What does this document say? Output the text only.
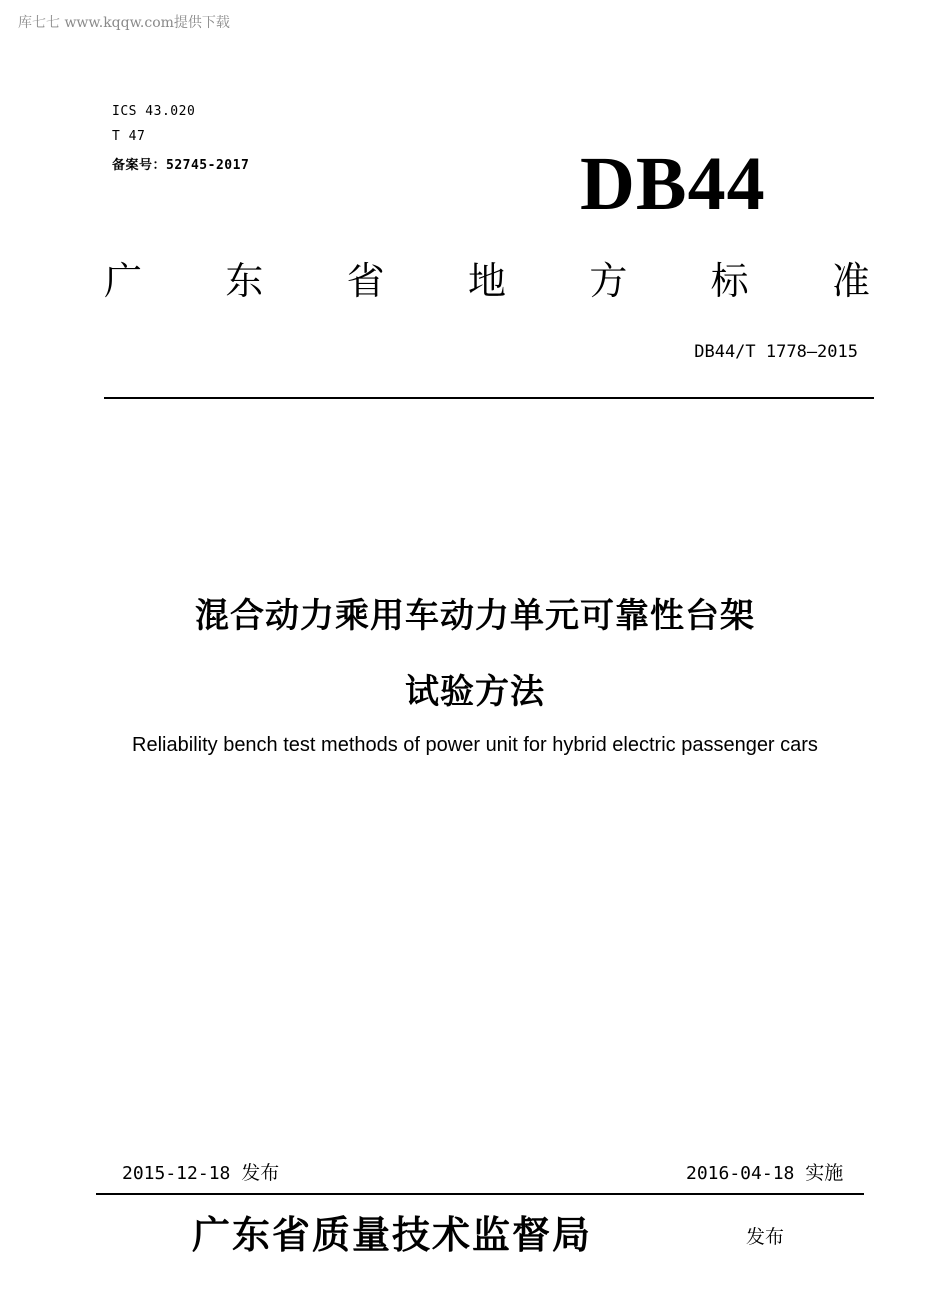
库七七 www.kqqw.com提供下载
ICS 43.020
T 47
备案号：52745-2017	DB44
广 东 省 地 方 标 准
DB44/T 1778—2015
混合动力乘用车动力单元可靠性台架
试验方法
Reliability bench test methods of power unit for hybrid electric passenger cars
2015-12-18 发布	2016-04-18 实施
广东省质量技术监督局	发布
